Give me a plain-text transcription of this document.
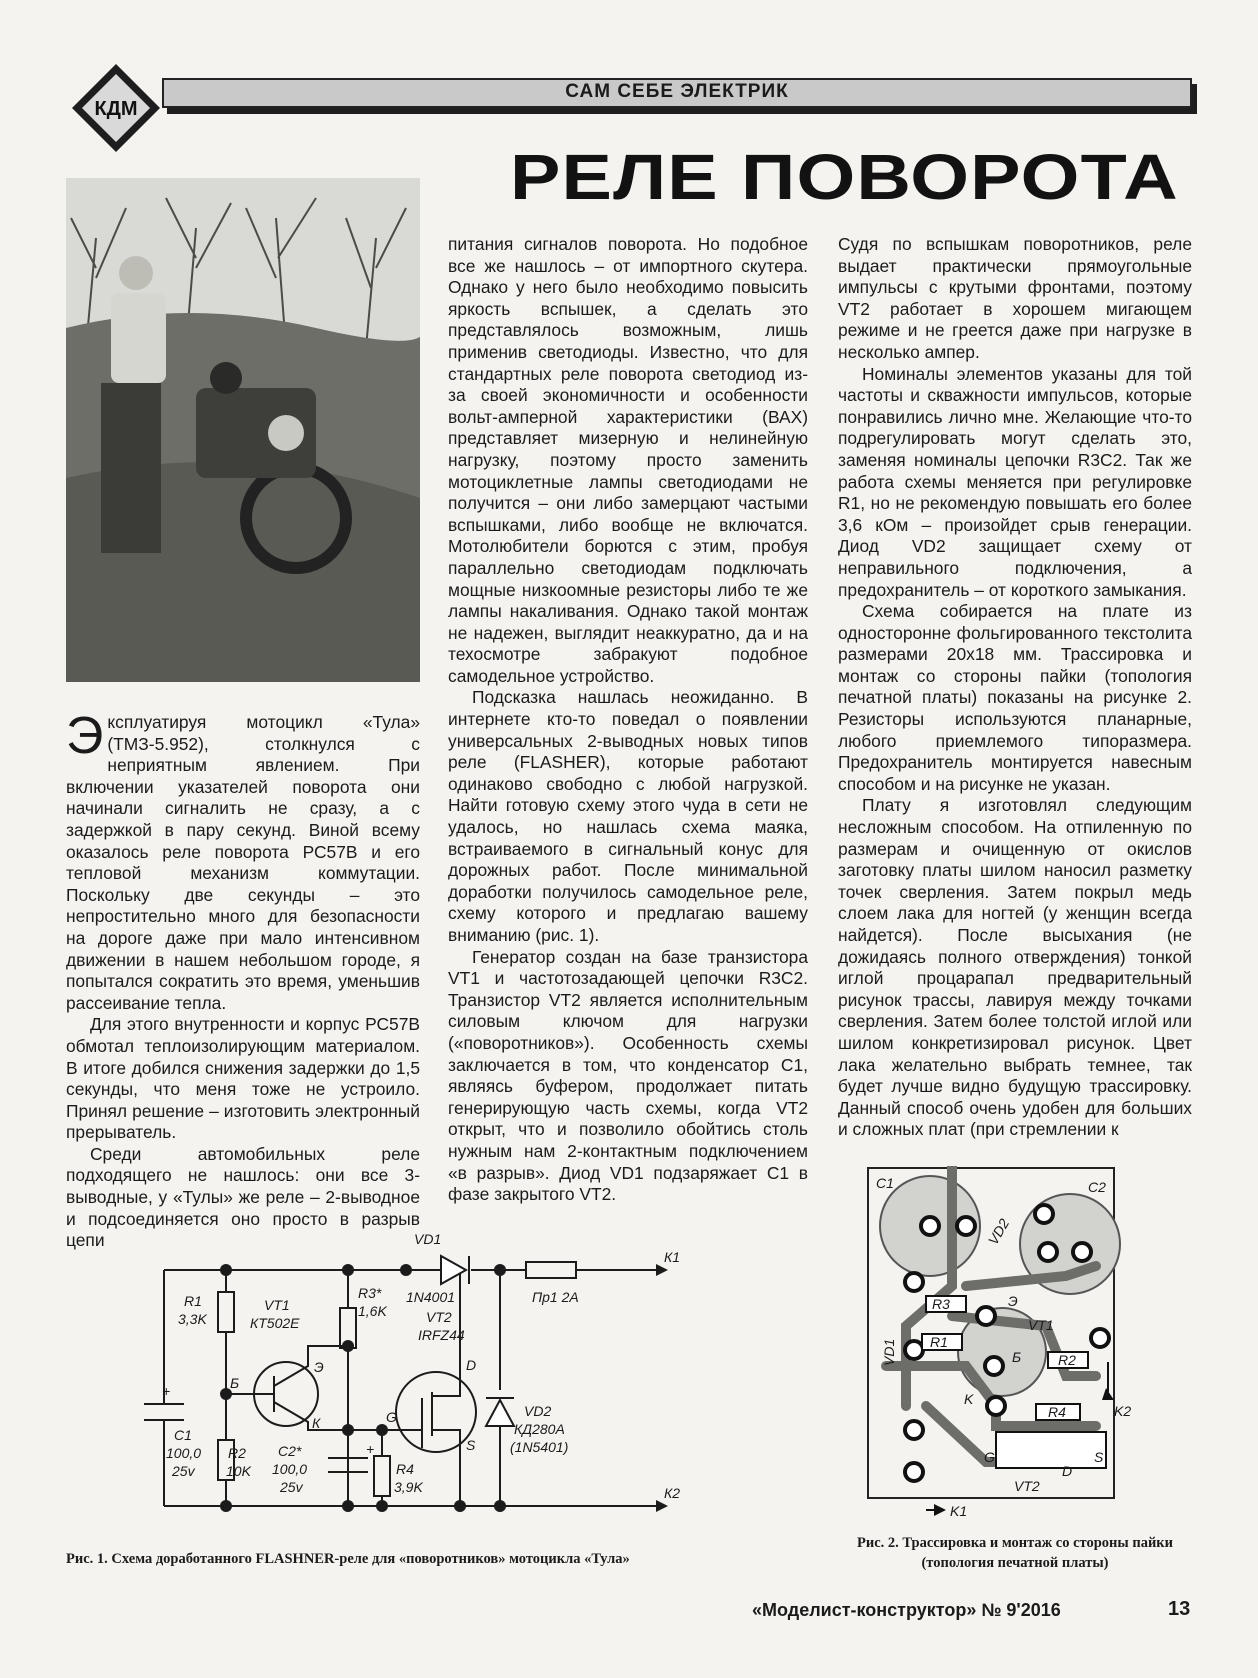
КДМ
САМ СЕБЕ ЭЛЕКТРИК
РЕЛЕ ПОВОРОТА

Эксплуатируя мотоцикл «Тула» (ТМЗ-5.952), столкнулся с неприятным явлением. При включении указателей поворота они начинали сигналить не сразу, а с задержкой в пару секунд. Виной всему оказалось реле поворота РС57В и его тепловой механизм коммутации. Поскольку две секунды – это непростительно много для безопасности на дороге даже при мало интенсивном движении в нашем небольшом городе, я попытался сократить это время, уменьшив рассеивание тепла.

Для этого внутренности и корпус РС57В обмотал теплоизолирующим материалом. В итоге добился снижения задержки до 1,5 секунды, что меня тоже не устроило. Принял решение – изготовить электронный прерыватель.

Среди автомобильных реле подходящего не нашлось: они все 3-выводные, у «Тулы» же реле – 2-выводное и подсоединяется оно просто в разрыв цепи

питания сигналов поворота. Но подобное все же нашлось – от импортного скутера. Однако у него было необходимо повысить яркость вспышек, а сделать это представлялось возможным, лишь применив светодиоды. Известно, что для стандартных реле поворота светодиод из-за своей экономичности и особенности вольт-амперной характеристики (ВАХ) представляет мизерную и нелинейную нагрузку, поэтому просто заменить мотоциклетные лампы светодиодами не получится – они либо замерцают частыми вспышками, либо вообще не включатся. Мотолюбители борются с этим, пробуя параллельно светодиодам подключать мощные низкоомные резисторы либо те же лампы накаливания. Однако такой монтаж не надежен, выглядит неаккуратно, да и на техосмотре забракуют подобное самодельное устройство.

Подсказка нашлась неожиданно. В интернете кто-то поведал о появлении универсальных 2-выводных новых типов реле (FLASHER), которые работают одинаково свободно с любой нагрузкой. Найти готовую схему этого чуда в сети не удалось, но нашлась схема маяка, встраиваемого в сигнальный конус для дорожных работ. После минимальной доработки получилось самодельное реле, схему которого и предлагаю вашему вниманию (рис. 1).

Генератор создан на базе транзистора VT1 и частотозадающей цепочки R3C2. Транзистор VT2 является исполнительным силовым ключом для нагрузки («поворотников»). Особенность схемы заключается в том, что конденсатор C1, являясь буфером, продолжает питать генерирующую часть схемы, когда VT2 открыт, что и позволило обойтись столь нужным нам 2-контактным подключением «в разрыв». Диод VD1 подзаряжает C1 в фазе закрытого VT2.

Судя по вспышкам поворотников, реле выдает практически прямоугольные импульсы с крутыми фронтами, поэтому VT2 работает в хорошем мигающем режиме и не греется даже при нагрузке в несколько ампер.

Номиналы элементов указаны для той частоты и скважности импульсов, которые понравились лично мне. Желающие что-то подрегулировать могут сделать это, заменяя номиналы цепочки R3C2. Так же работа схемы меняется при регулировке R1, но не рекомендую повышать его более 3,6 кОм – произойдет срыв генерации. Диод VD2 защищает схему от неправильного подключения, а предохранитель – от короткого замыкания.

Схема собирается на плате из односторонне фольгированного текстолита размерами 20х18 мм. Трассировка и монтаж со стороны пайки (топология печатной платы) показаны на рисунке 2. Резисторы используются планарные, любого приемлемого типоразмера. Предохранитель монтируется навесным способом и на рисунке не указан.

Плату я изготовлял следующим несложным способом. На отпиленную по размерам и очищенную от окислов заготовку платы шилом наносил разметку точек сверления. Затем покрыл медь слоем лака для ногтей (у женщин всегда найдется). После высыхания (не дожидаясь полного отверждения) тонкой иглой процарапал предварительный рисунок трассы, лавируя между точками сверления. Затем более толстой иглой или шилом конкретизировал рисунок. Цвет лака желательно выбрать темнее, так будет лучше видно будущую трассировку. Данный способ очень удобен для больших и сложных плат (при стремлении к

VD1
1N4001	Пр1 2А
К1
К2
R1
3,3K
VT1
КТ502Е
R3*
1,6K	VT2
IRFZ44
+
C1
100,0
25v
Б
Э
К
D
G
S
VD2
КД280А
(1N5401)
R2
10K
C2*
100,0
25v
+
R4
3,9K
C1	C2
VD2
R3	Э
VT1
VD1 R1
Б	R2
K2
K
R4
G	S
D
VT2
K1
Рис. 1. Схема доработанного FLASHNER-реле для «поворотников» мотоцикла «Тула»
Рис. 2. Трассировка и монтаж со стороны пайки (топология печатной платы)
«Моделист-конструктор» № 9'2016	13
